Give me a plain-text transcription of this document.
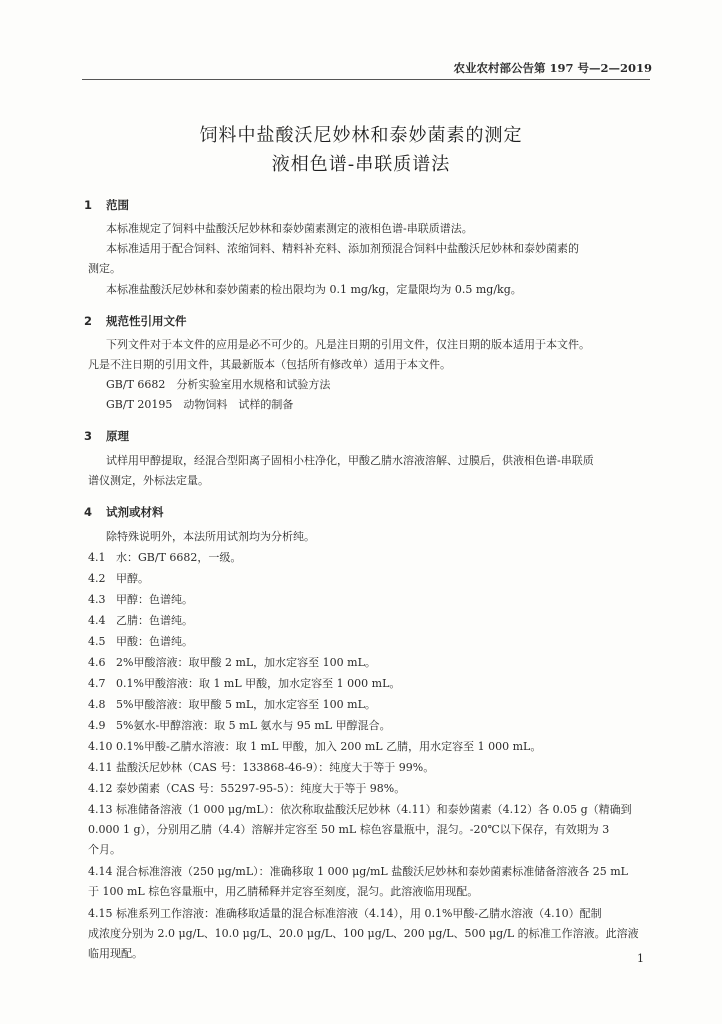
农业农村部公告第 197 号—2—2019
饲料中盐酸沃尼妙林和泰妙菌素的测定
液相色谱-串联质谱法
1 范围
本标准规定了饲料中盐酸沃尼妙林和泰妙菌素测定的液相色谱-串联质谱法。
本标准适用于配合饲料、浓缩饲料、精料补充料、添加剂预混合饲料中盐酸沃尼妙林和泰妙菌素的
测定。
本标准盐酸沃尼妙林和泰妙菌素的检出限均为 0.1 mg/kg，定量限均为 0.5 mg/kg。
2 规范性引用文件
下列文件对于本文件的应用是必不可少的。凡是注日期的引用文件，仅注日期的版本适用于本文件。
凡是不注日期的引用文件，其最新版本（包括所有修改单）适用于本文件。
GB/T 6682　分析实验室用水规格和试验方法
GB/T 20195　动物饲料　试样的制备
3 原理
试样用甲醇提取，经混合型阳离子固相小柱净化，甲酸乙腈水溶液溶解、过膜后，供液相色谱-串联质
谱仪测定，外标法定量。
4 试剂或材料
除特殊说明外，本法所用试剂均为分析纯。
4.1 水：GB/T 6682，一级。
4.2 甲醇。
4.3 甲醇：色谱纯。
4.4 乙腈：色谱纯。
4.5 甲酸：色谱纯。
4.6 2%甲酸溶液：取甲酸 2 mL，加水定容至 100 mL。
4.7 0.1%甲酸溶液：取 1 mL 甲酸，加水定容至 1 000 mL。
4.8 5%甲酸溶液：取甲酸 5 mL，加水定容至 100 mL。
4.9 5%氨水-甲醇溶液：取 5 mL 氨水与 95 mL 甲醇混合。
4.10 0.1%甲酸-乙腈水溶液：取 1 mL 甲酸，加入 200 mL 乙腈，用水定容至 1 000 mL。
4.11 盐酸沃尼妙林（CAS 号：133868-46-9）：纯度大于等于 99%。
4.12 泰妙菌素（CAS 号：55297-95-5）：纯度大于等于 98%。
4.13 标准储备溶液（1 000 μg/mL）：依次称取盐酸沃尼妙林（4.11）和泰妙菌素（4.12）各 0.05 g（精确到
0.000 1 g），分别用乙腈（4.4）溶解并定容至 50 mL 棕色容量瓶中，混匀。-20℃以下保存，有效期为 3
个月。
4.14 混合标准溶液（250 μg/mL）：准确移取 1 000 μg/mL 盐酸沃尼妙林和泰妙菌素标准储备溶液各 25 mL
于 100 mL 棕色容量瓶中，用乙腈稀释并定容至刻度，混匀。此溶液临用现配。
4.15 标准系列工作溶液：准确移取适量的混合标准溶液（4.14），用 0.1%甲酸-乙腈水溶液（4.10）配制
成浓度分别为 2.0 μg/L、10.0 μg/L、20.0 μg/L、100 μg/L、200 μg/L、500 μg/L 的标准工作溶液。此溶液
临用现配。	1
